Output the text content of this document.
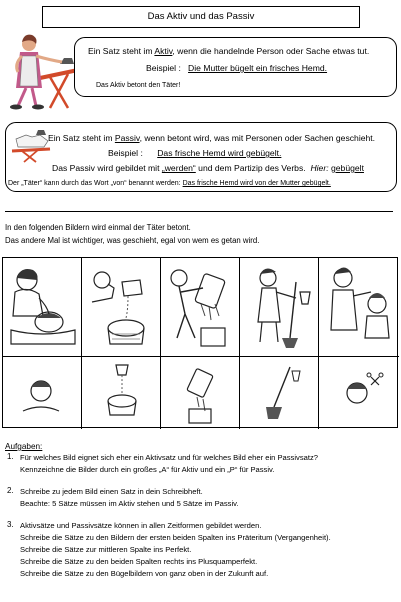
Das Aktiv und das Passiv
Ein Satz steht im Aktiv, wenn die handelnde Person oder Sache etwas tut.
Beispiel : Die Mutter bügelt ein frisches Hemd.
Das Aktiv betont den Täter!
Ein Satz steht im Passiv, wenn betont wird, was mit Personen oder Sachen geschieht.
Beispiel : Das frische Hemd wird gebügelt.
Das Passiv wird gebildet mit „werden“ und dem Partizip des Verbs. Hier: gebügelt
Der „Täter“ kann durch das Wort „von“ benannt werden: Das frische Hemd wird von der Mutter gebügelt.
In den folgenden Bildern wird einmal der Täter betont.
Das andere Mal ist wichtiger, was geschieht, egal von wem es getan wird.
Aufgaben:
1. Für welches Bild eignet sich eher ein Aktivsatz und für welches Bild eher ein Passivsatz?
Kennzeichne die Bilder durch ein großes „A“ für Aktiv und ein „P“ für Passiv.
2. Schreibe zu jedem Bild einen Satz in dein Schreibheft.
Beachte: 5 Sätze müssen im Aktiv stehen und 5 Sätze im Passiv.
3. Aktivsätze und Passivsätze können in allen Zeitformen gebildet werden.
Schreibe die Sätze zu den Bildern der ersten beiden Spalten ins Präteritum (Vergangenheit).
Schreibe die Sätze zur mittleren Spalte ins Perfekt.
Schreibe die Sätze zu den beiden Spalten rechts ins Plusquamperfekt.
Schreibe die Sätze zu den Bügelbildern von ganz oben in der Zukunft auf.
